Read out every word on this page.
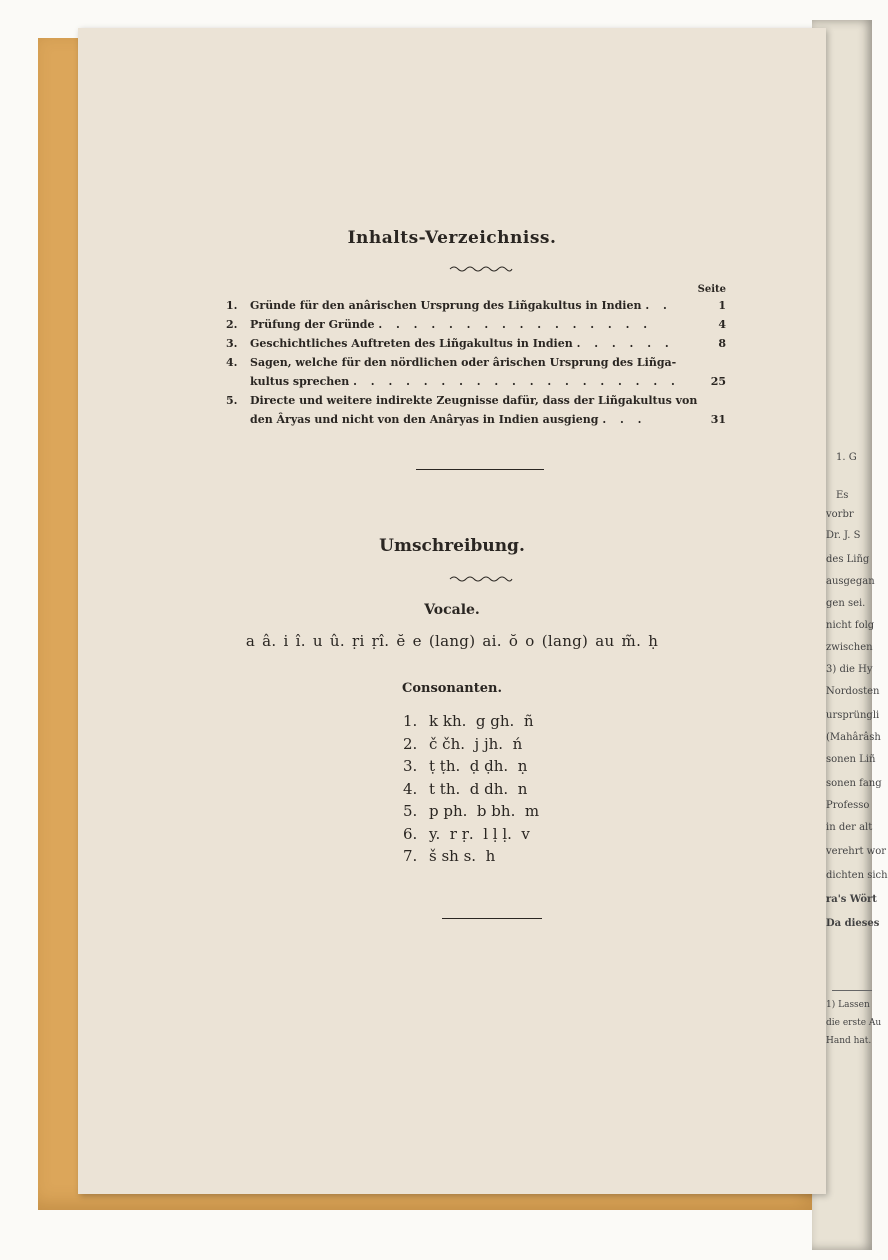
1. G
Es
vorbr
Dr. J. S
des Liñg
ausgegan
gen sei.
nicht folg
zwischen
3) die Hy
Nordosten
ursprüngli
(Mahârâsh
sonen Liñ
sonen fang
Professo
in der alt
verehrt wor
dichten sich
ra's Wört
Da dieses
1) Lassen
die erste Au
Hand hat.
Inhalts-Verzeichniss.
Seite
1.	Gründe für den anârischen Ursprung des Liñgakultus in Indien . .	1
2.	Prüfung der Gründe . . . . . . . . . . . . . . . .	4
3.	Geschichtliches Auftreten des Liñgakultus in Indien . . . . . .	8
4.	Sagen, welche für den nördlichen oder ârischen Ursprung des Liñga-
kultus sprechen . . . . . . . . . . . . . . . . . . .	25
5.	Directe und weitere indirekte Zeugnisse dafür, dass der Liñgakultus von
den Âryas und nicht von den Anâryas in Indien ausgieng . . .	31
Umschreibung.
Vocale.
a â. i î. u û. ṛi ṛî. ĕ e (lang) ai. ŏ o (lang) au m̃. ḥ
Consonanten.
1. k kh.  g gh.  ñ
2. č čh.  j jh.  ń
3. ṭ ṭh.  ḍ ḍh.  ṇ
4. t th.  d dh.  n
5. p ph.  b bh.  m
6. y.  r ṛ.  l ḷ ḷ.  v
7. š sh s.  h
